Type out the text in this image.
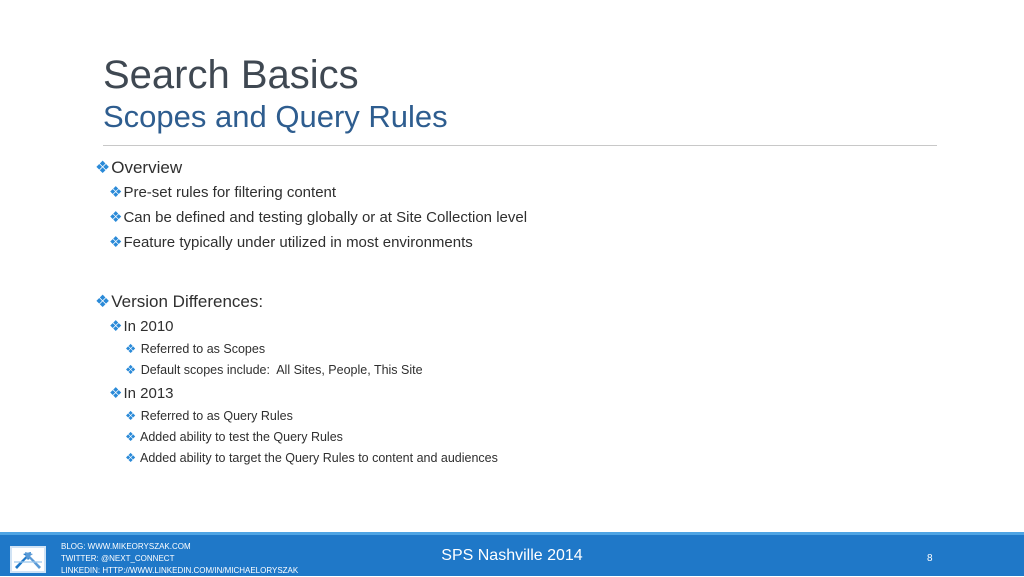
Search Basics
Scopes and Query Rules
❖Overview
❖Pre-set rules for filtering content
❖Can be defined and testing globally or at Site Collection level
❖Feature typically under utilized in most environments
❖Version Differences:
❖In 2010
❖ Referred to as Scopes
❖ Default scopes include:  All Sites, People, This Site
❖In 2013
❖ Referred to as Query Rules
❖ Added ability to test the Query Rules
❖ Added ability to target the Query Rules to content and audiences
BLOG: WWW.MIKEORYSZAK.COM
TWITTER: @NEXT_CONNECT
LINKEDIN: HTTP://WWW.LINKEDIN.COM/IN/MICHAELORYSZAK
SPS Nashville 2014	8
